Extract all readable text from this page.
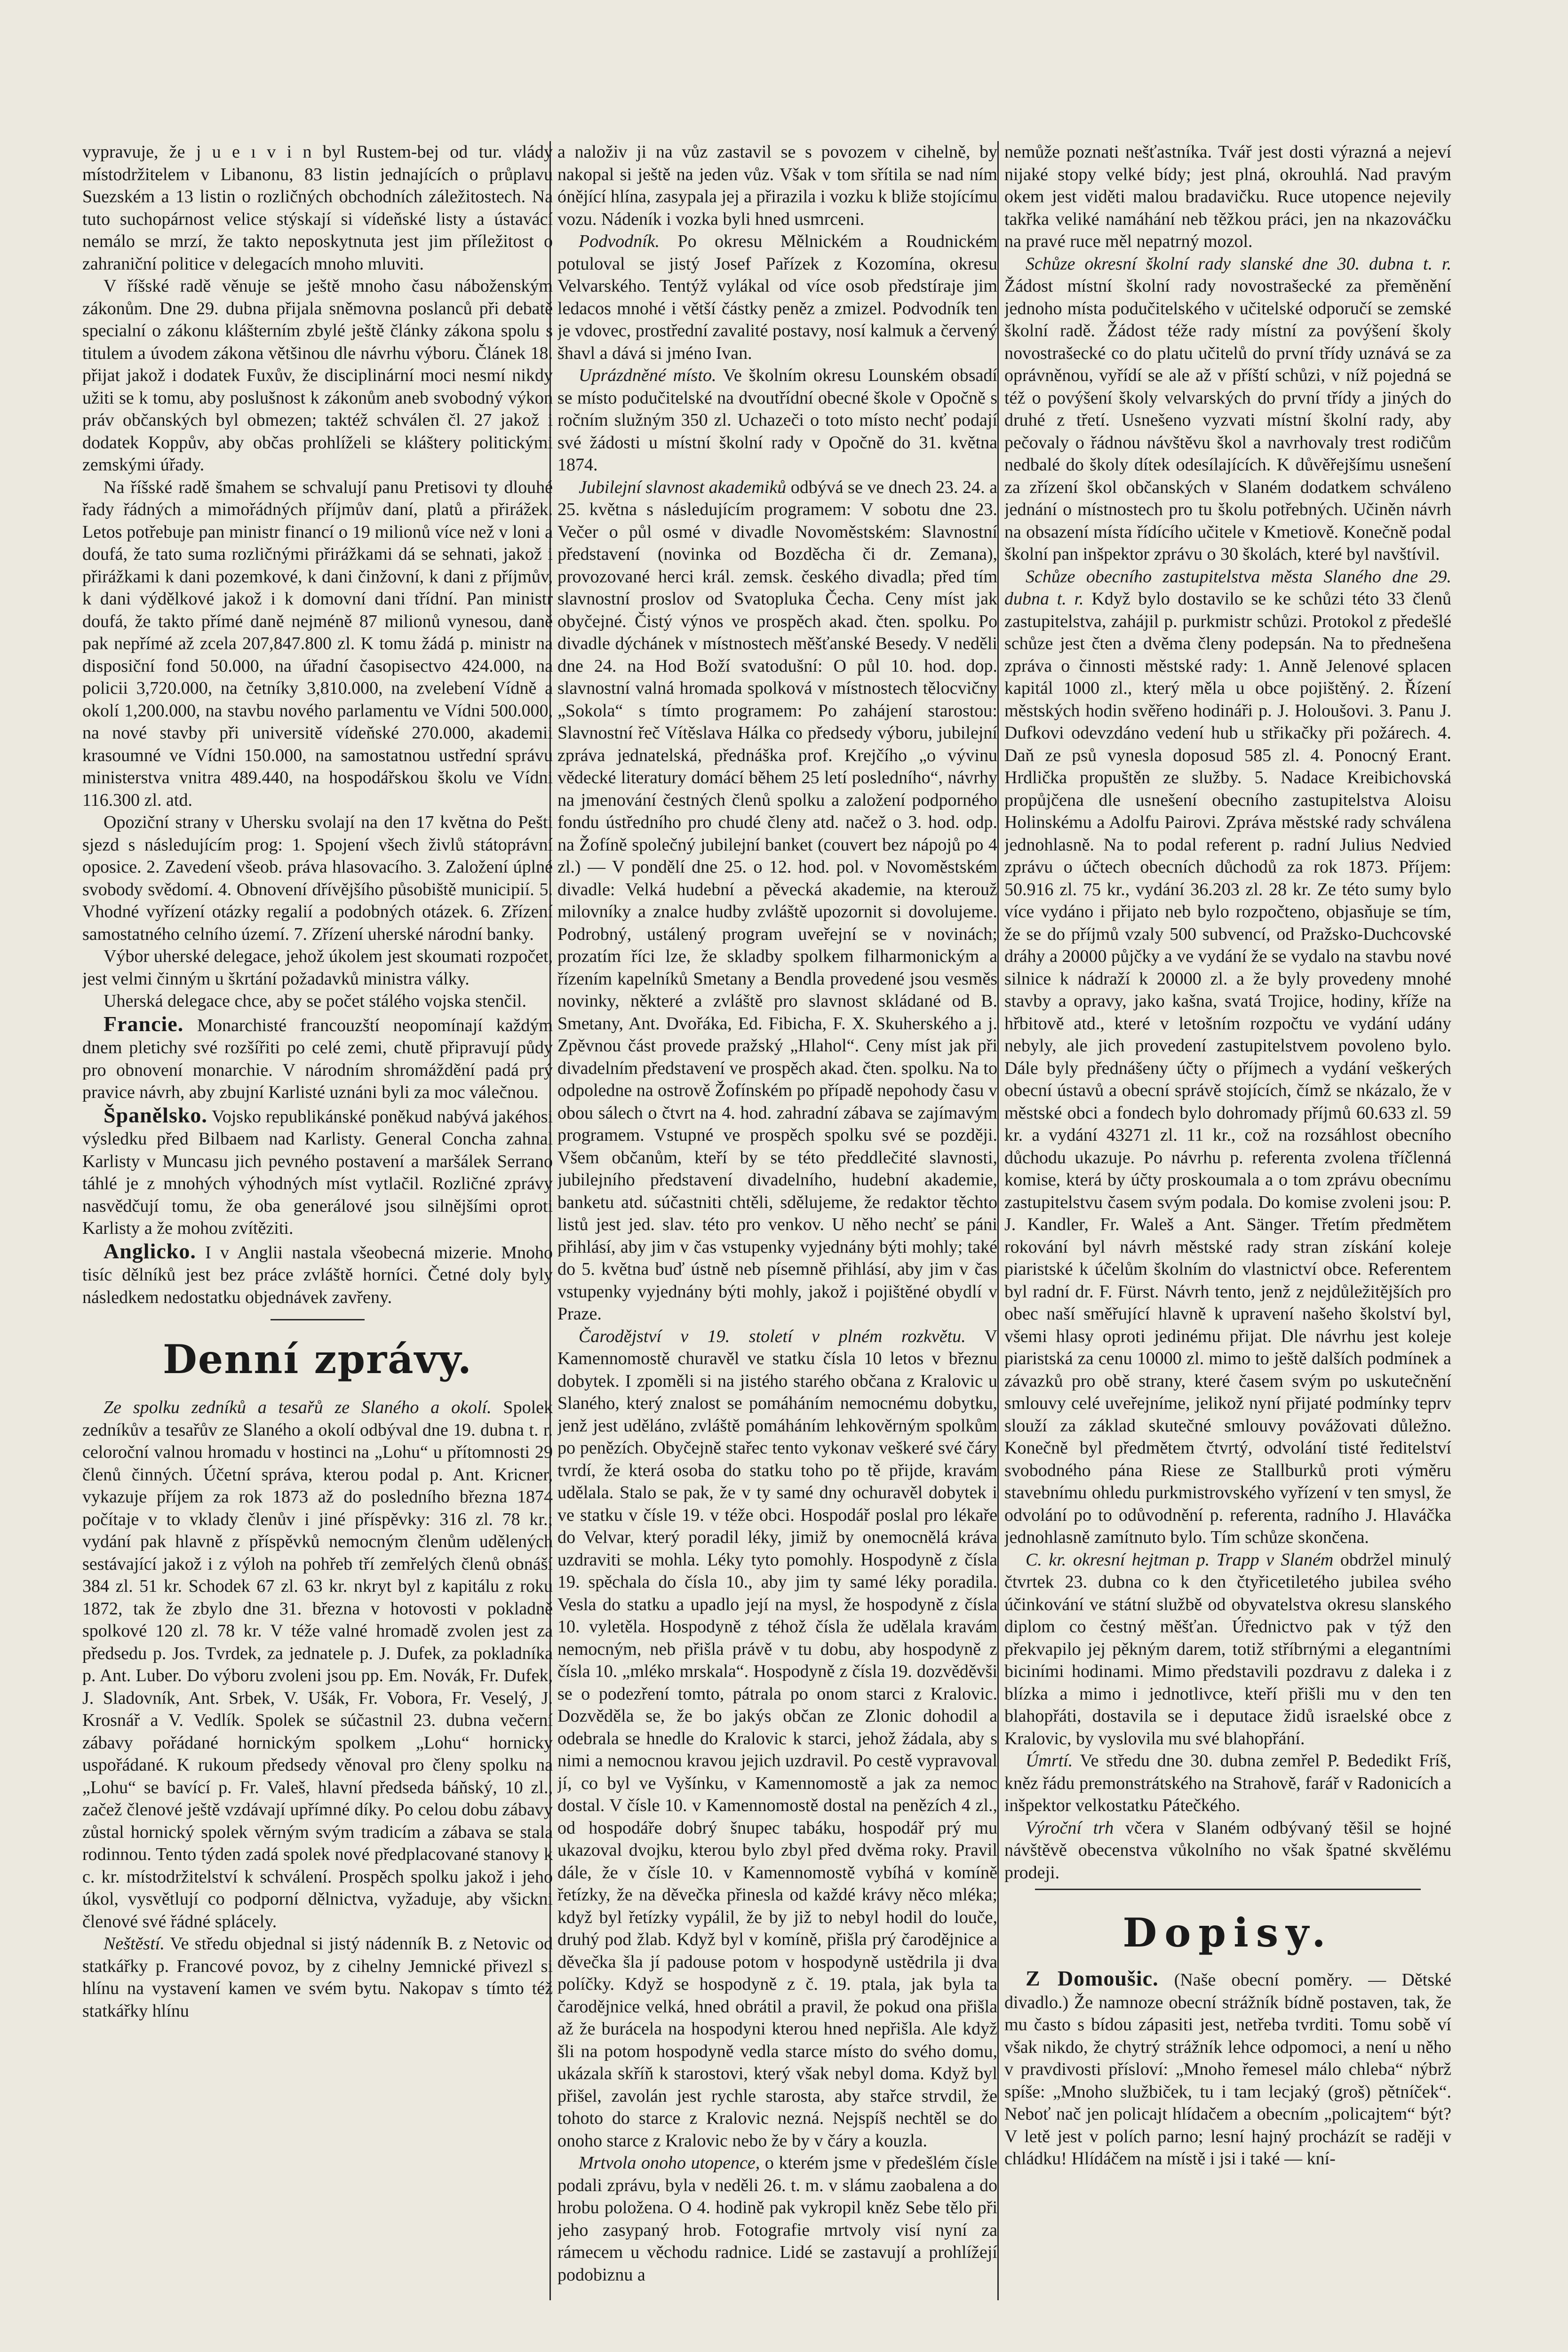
vypravuje, že j u e ı v i n byl Rustem-bej od tur. vlády místodržitelem v Libanonu, 83 listin jednajících o průplavu Suezském a 13 listin o rozličných obchodních záležitostech. Na tuto suchopárnost velice stýskají si vídeňské listy a ústavácí nemálo se mrzí, že takto neposkytnuta jest jim příležitost o zahraniční politice v delegacích mnoho mluviti.

V říšské radě věnuje se ještě mnoho času náboženským zákonům. Dne 29. dubna přijala sněmovna poslanců při debatě specialní o zákonu klášterním zbylé ještě články zákona spolu s titulem a úvodem zákona většinou dle návrhu výboru. Článek 18. přijat jakož i dodatek Fuxův, že disciplinární moci nesmí nikdy užiti se k tomu, aby poslušnost k zákonům aneb svobodný výkon práv občanských byl obmezen; taktéž schválen čl. 27 jakož i dodatek Koppův, aby občas prohlíželi se kláštery politickými zemskými úřady.

Na říšské radě šmahem se schvalují panu Pretisovi ty dlouhé řady řádných a mimořádných příjmův daní, platů a přirážek. Letos potřebuje pan ministr financí o 19 milionů více než v loni a doufá, že tato suma rozličnými přirážkami dá se sehnati, jakož i přirážkami k dani pozemkové, k dani činžovní, k dani z příjmův, k dani výdělkové jakož i k domovní dani třídní. Pan ministr doufá, že takto přímé daně nejméně 87 milionů vynesou, daně pak nepřímé až zcela 207,847.800 zl. K tomu žádá p. ministr na disposiční fond 50.000, na úřadní časopisectvo 424.000, na policii 3,720.000, na četníky 3,810.000, na zvelebení Vídně a okolí 1,200.000, na stavbu nového parlamentu ve Vídni 500.000, na nové stavby při universitě vídeňské 270.000, akademii krasoumné ve Vídni 150.000, na samostatnou ustřední správu ministerstva vnitra 489.440, na hospodářskou školu ve Vídni 116.300 zl. atd.

Opoziční strany v Uhersku svolají na den 17 května do Pešti sjezd s následujícím prog: 1. Spojení všech živlů státoprávní oposice. 2. Zavedení všeob. práva hlasovacího. 3. Založení úplné svobody svědomí. 4. Obnovení dřívějšího působiště municipií. 5. Vhodné vyřízení otázky regalií a podobných otázek. 6. Zřízení samostatného celního území. 7. Zřízení uherské národní banky.

Výbor uherské delegace, jehož úkolem jest skoumati rozpočet, jest velmi činným u škrtání požadavků ministra války.

Uherská delegace chce, aby se počet stálého vojska stenčil.

Francie. Monarchisté francouzští neopomínají každým dnem pletichy své rozšířiti po celé zemi, chutě připravují půdy pro obnovení monarchie. V národním shromáždění padá prý pravice návrh, aby zbujní Karlisté uznáni byli za moc válečnou.

Španělsko. Vojsko republikánské poněkud nabývá jakéhosi výsledku před Bilbaem nad Karlisty. General Concha zahnal Karlisty v Muncasu jich pevného postavení a maršálek Serrano táhlé je z mnohých výhodných míst vytlačil. Rozličné zprávy nasvědčují tomu, že oba generálové jsou silnějšími oproti Karlisty a že mohou zvítěziti.

Anglicko. I v Anglii nastala všeobecná mizerie. Mnoho tisíc dělníků jest bez práce zvláště horníci. Četné doly byly následkem nedostatku objednávek zavřeny.

Denní zprávy.

Ze spolku zedníků a tesařů ze Slaného a okolí. Spolek zedníkův a tesařův ze Slaného a okolí odbýval dne 19. dubna t. r. celoroční valnou hromadu v hostinci na „Lohu“ u přítomnosti 29 členů činných. Účetní správa, kterou podal p. Ant. Kricner, vykazuje příjem za rok 1873 až do posledního března 1874 počítaje v to vklady členův i jiné příspěvky: 316 zl. 78 kr.; vydání pak hlavně z příspěvků nemocným členům udělených sestávající jakož i z výloh na pohřeb tří zemřelých členů obnáší 384 zl. 51 kr. Schodek 67 zl. 63 kr. nkryt byl z kapitálu z roku 1872, tak že zbylo dne 31. března v hotovosti v pokladně spolkové 120 zl. 78 kr. V téže valné hromadě zvolen jest za předsedu p. Jos. Tvrdek, za jednatele p. J. Dufek, za pokladníka p. Ant. Luber. Do výboru zvoleni jsou pp. Em. Novák, Fr. Dufek, J. Sladovník, Ant. Srbek, V. Ušák, Fr. Vobora, Fr. Veselý, J. Krosnář a V. Vedlík. Spolek se súčastnil 23. dubna večerní zábavy pořádané hornickým spolkem „Lohu“ hornicky uspořádané. K rukoum předsedy věnoval pro členy spolku na „Lohu“ se bavící p. Fr. Valeš, hlavní předseda báňský, 10 zl., začež členové ještě vzdávají upřímné díky. Po celou dobu zábavy zůstal hornický spolek věrným svým tradicím a zábava se stala rodinnou. Tento týden zadá spolek nové předplacované stanovy k c. kr. místodržitelství k schválení. Prospěch spolku jakož i jeho úkol, vysvětlují co podporní dělnictva, vyžaduje, aby všickni členové své řádné splácely.

Neštěstí. Ve středu objednal si jistý nádenník B. z Netovic od statkářky p. Francové povoz, by z cihelny Jemnické přivezl si hlínu na vystavení kamen ve svém bytu. Nakopav s tímto též statkářky hlínu

a naloživ ji na vůz zastavil se s povozem v cihelně, by nakopal si ještě na jeden vůz. Však v tom sřítila se nad ním ónějící hlína, zasypala jej a přirazila i vozku k bliže stojícímu vozu. Nádeník i vozka byli hned usmrceni.

Podvodník. Po okresu Mělnickém a Roudnickém potuloval se jistý Josef Pařízek z Kozomína, okresu Velvarského. Tentýž vylákal od více osob předstíraje jim ledacos mnohé i větší částky peněz a zmizel. Podvodník ten je vdovec, prostřední zavalité postavy, nosí kalmuk a červený šhavl a dává si jméno Ivan.

Uprázdněné místo. Ve školním okresu Lounském obsadí se místo podučitelské na dvoutřídní obecné škole v Opočně s ročním služným 350 zl. Uchazeči o toto místo nechť podají své žádosti u místní školní rady v Opočně do 31. května 1874.

Jubilejní slavnost akademiků odbývá se ve dnech 23. 24. a 25. května s následujícím programem: V sobotu dne 23. Večer o půl osmé v divadle Novoměstském: Slavnostní představení (novinka od Bozděcha či dr. Zemana), provozované herci král. zemsk. českého divadla; před tím slavnostní proslov od Svatopluka Čecha. Ceny míst jak obyčejné. Čistý výnos ve prospěch akad. čten. spolku. Po divadle dýchánek v místnostech měšťanské Besedy. V neděli dne 24. na Hod Boží svatodušní: O půl 10. hod. dop. slavnostní valná hromada spolková v místnostech tělocvičny „Sokola“ s tímto programem: Po zahájení starostou: Slavnostní řeč Vítěslava Hálka co předsedy výboru, jubilejní zpráva jednatelská, přednáška prof. Krejčího „o vývinu vědecké literatury domácí během 25 letí posledního“, návrhy na jmenování čestných členů spolku a založení podporného fondu ústředního pro chudé členy atd. načež o 3. hod. odp. na Žofíně společný jubilejní banket (couvert bez nápojů po 4 zl.) — V pondělí dne 25. o 12. hod. pol. v Novoměstském divadle: Velká hudební a pěvecká akademie, na kterouž milovníky a znalce hudby zvláště upozornit si dovolujeme. Podrobný, ustálený program uveřejní se v novinách; prozatím říci lze, že skladby spolkem filharmonickým a řízením kapelníků Smetany a Bendla provedené jsou vesměs novinky, některé a zvláště pro slavnost skládané od B. Smetany, Ant. Dvořáka, Ed. Fibicha, F. X. Skuherského a j. Zpěvnou část provede pražský „Hlahol“. Ceny míst jak při divadelním představení ve prospěch akad. čten. spolku. Na to odpoledne na ostrově Žofínském po případě nepohody času v obou sálech o čtvrt na 4. hod. zahradní zábava se zajímavým programem. Vstupné ve prospěch spolku své se později. Všem občanům, kteří by se této předdlečité slavnosti, jubilejního představení divadelního, hudební akademie, banketu atd. súčastniti chtěli, sdělujeme, že redaktor těchto listů jest jed. slav. této pro venkov. U něho nechť se páni přihlásí, aby jim v čas vstupenky vyjednány býti mohly; také do 5. května buď ústně neb písemně přihlásí, aby jim v čas vstupenky vyjednány býti mohly, jakož i pojištěné obydlí v Praze.

Čarodějství v 19. století v plném rozkvětu. V Kamennomostě churavěl ve statku čísla 10 letos v březnu dobytek. I zpoměli si na jistého starého občana z Kralovic u Slaného, který znalost se pomáháním nemocnému dobytku, jenž jest uděláno, zvláště pomáháním lehkověrným spolkům po penězích. Obyčejně stařec tento vykonav veškeré své čáry tvrdí, že která osoba do statku toho po tě přijde, kravám udělala. Stalo se pak, že v ty samé dny ochuravěl dobytek i ve statku v čísle 19. v téže obci. Hospodář poslal pro lékaře do Velvar, který poradil léky, jimiž by onemocnělá kráva uzdraviti se mohla. Léky tyto pomohly. Hospodyně z čísla 19. spěchala do čísla 10., aby jim ty samé léky poradila. Vesla do statku a upadlo její na mysl, že hospodyně z čísla 10. vyletěla. Hospodyně z téhož čísla že udělala kravám nemocným, neb přišla právě v tu dobu, aby hospodyně z čísla 10. „mléko mrskala“. Hospodyně z čísla 19. dozvěděvši se o podezření tomto, pátrala po onom starci z Kralovic. Dozvěděla se, že bo jakýs občan ze Zlonic dohodil a odebrala se hnedle do Kralovic k starci, jehož žádala, aby s nimi a nemocnou kravou jejich uzdravil. Po cestě vypravoval jí, co byl ve Vyšínku, v Kamennomostě a jak za nemoc dostal. V čísle 10. v Kamennomostě dostal na penězích 4 zl., od hospodáře dobrý šnupec tabáku, hospodář prý mu ukazoval dvojku, kterou bylo zbyl před dvěma roky. Pravil dále, že v čísle 10. v Kamennomostě vybíhá v komíně řetízky, že na děvečka přinesla od každé krávy něco mléka; když byl řetízky vypálil, že by již to nebyl hodil do louče, druhý pod žlab. Když byl v komíně, přišla prý čarodějnice a děvečka šla jí padouse potom v hospodyně ustědrila ji dva políčky. Když se hospodyně z č. 19. ptala, jak byla ta čarodějnice velká, hned obrátil a pravil, že pokud ona přišla až že burácela na hospodyni kterou hned nepřišla. Ale když šli na potom hospodyně vedla starce místo do svého domu, ukázala skříň k starostovi, který však nebyl doma. Když byl přišel, zavolán jest rychle starosta, aby stařce strvdil, že tohoto do starce z Kralovic nezná. Nejspíš nechtěl se do onoho starce z Kralovic nebo že by v čáry a kouzla.

Mrtvola onoho utopence, o kterém jsme v předešlém čísle podali zprávu, byla v neděli 26. t. m. v slámu zaobalena a do hrobu položena. O 4. hodině pak vykropil kněz Sebe tělo při jeho zasypaný hrob. Fotografie mrtvoly visí nyní za rámecem u věchodu radnice. Lidé se zastavují a prohlížejí podobiznu a

nemůže poznati nešťastníka. Tvář jest dosti výrazná a nejeví nijaké stopy velké bídy; jest plná, okrouhlá. Nad pravým okem jest viděti malou bradavičku. Ruce utopence nejevily takřka veliké namáhání neb těžkou práci, jen na nkazováčku na pravé ruce měl nepatrný mozol.

Schůze okresní školní rady slanské dne 30. dubna t. r. Žádost místní školní rady novostrašecké za přeměnění jednoho místa podučitelského v učitelské odporučí se zemské školní radě. Žádost téže rady místní za povýšení školy novostrašecké co do platu učitelů do první třídy uznává se za oprávněnou, vyřídí se ale až v příští schůzi, v níž pojedná se též o povýšení školy velvarských do první třídy a jiných do druhé z třetí. Usnešeno vyzvati místní školní rady, aby pečovaly o řádnou návštěvu škol a navrhovaly trest rodičům nedbalé do školy dítek odesílajících. K důvěřejšímu usnešení za zřízení škol občanských v Slaném dodatkem schváleno jednání o místnostech pro tu školu potřebných. Učiněn návrh na obsazení místa řídícího učitele v Kmetiově. Konečně podal školní pan inšpektor zprávu o 30 školách, které byl navštívil.

Schůze obecního zastupitelstva města Slaného dne 29. dubna t. r. Když bylo dostavilo se ke schůzi této 33 členů zastupitelstva, zahájil p. purkmistr schůzi. Protokol z předešlé schůze jest čten a dvěma členy podepsán. Na to přednešena zpráva o činnosti městské rady: 1. Anně Jelenové splacen kapitál 1000 zl., který měla u obce pojištěný. 2. Řízení městských hodin svěřeno hodináři p. J. Holoušovi. 3. Panu J. Dufkovi odevzdáno vedení hub u střikačky při požárech. 4. Daň ze psů vynesla doposud 585 zl. 4. Ponocný Erant. Hrdlička propuštěn ze služby. 5. Nadace Kreibichovská propůjčena dle usnešení obecního zastupitelstva Aloisu Holinskému a Adolfu Pairovi. Zpráva městské rady schválena jednohlasně. Na to podal referent p. radní Julius Nedvied zprávu o účtech obecních důchodů za rok 1873. Příjem: 50.916 zl. 75 kr., vydání 36.203 zl. 28 kr. Ze této sumy bylo více vydáno i přijato neb bylo rozpočteno, objasňuje se tím, že se do příjmů vzaly 500 subvencí, od Pražsko-Duchcovské dráhy a 20000 půjčky a ve vydání že se vydalo na stavbu nové silnice k nádraží k 20000 zl. a že byly provedeny mnohé stavby a opravy, jako kašna, svatá Trojice, hodiny, kříže na hřbitově atd., které v letošním rozpočtu ve vydání udány nebyly, ale jich provedení zastupitelstvem povoleno bylo. Dále byly přednášeny účty o příjmech a vydání veškerých obecní ústavů a obecní správě stojících, čímž se nkázalo, že v městské obci a fondech bylo dohromady příjmů 60.633 zl. 59 kr. a vydání 43271 zl. 11 kr., což na rozsáhlost obecního důchodu ukazuje. Po návrhu p. referenta zvolena tříčlenná komise, která by účty proskoumala a o tom zprávu obecnímu zastupitelstvu časem svým podala. Do komise zvoleni jsou: P. J. Kandler, Fr. Waleš a Ant. Sänger. Třetím předmětem rokování byl návrh městské rady stran získání koleje piaristské k účelům školním do vlastnictví obce. Referentem byl radní dr. F. Fürst. Návrh tento, jenž z nejdůležitějších pro obec naší směřující hlavně k upravení našeho školství byl, všemi hlasy oproti jedinému přijat. Dle návrhu jest koleje piaristská za cenu 10000 zl. mimo to ještě dalších podmínek a závazků pro obě strany, které časem svým po uskutečnění smlouvy celé uveřejníme, jelikož nyní přijaté podmínky teprv slouží za základ skutečné smlouvy povážovati důležno. Konečně byl předmětem čtvrtý, odvolání tisté ředitelství svobodného pána Riese ze Stallburků proti výměru stavebnímu ohledu purkmistrovského vyřízení v ten smysl, že odvolání po to odůvodnění p. referenta, radního J. Hlaváčka jednohlasně zamítnuto bylo. Tím schůze skončena.

C. kr. okresní hejtman p. Trapp v Slaném obdržel minulý čtvrtek 23. dubna co k den čtyřicetiletého jubilea svého účinkování ve státní službě od obyvatelstva okresu slanského diplom co čestný měšťan. Úřednictvo pak v týž den překvapilo jej pěkným darem, totiž stříbrnými a elegantními biciními hodinami. Mimo představili pozdravu z daleka i z blízka a mimo i jednotlivce, kteří přišli mu v den ten blahopřáti, dostavila se i deputace židů israelské obce z Kralovic, by vyslovila mu své blahopřání.

Úmrtí. Ve středu dne 30. dubna zemřel P. Bededikt Fríš, kněz řádu premonstrátského na Strahově, farář v Radonicích a inšpektor velkostatku Pátečkého.

Výroční trh včera v Slaném odbývaný těšil se hojné návštěvě obecenstva vůkolního no však špatné skvělému prodeji.

Dopisy.

Z Domoušic. (Naše obecní poměry. — Dětské divadlo.) Že namnoze obecní strážník bídně postaven, tak, že mu často s bídou zápasiti jest, netřeba tvrditi. Tomu sobě ví však nikdo, že chytrý strážník lehce odpomoci, a není u něho v pravdivosti přísloví: „Mnoho řemesel málo chleba“ nýbrž spíše: „Mnoho službiček, tu i tam lecjaký (groš) pětníček“. Neboť nač jen policajt hlídačem a obecním „policajtem“ být? V letě jest v polích parno; lesní hajný procházít se raději v chládku! Hlídáčem na místě i jsi i také — kní-
